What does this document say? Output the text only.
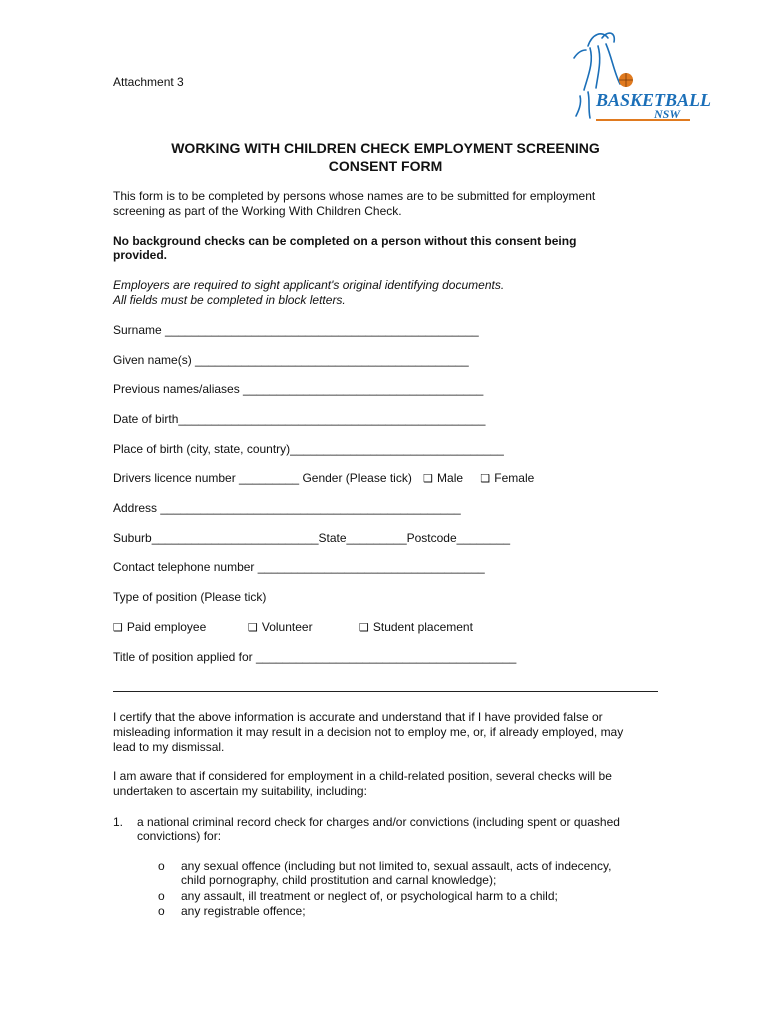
Attachment 3
BASKETBALL
NSW
WORKING WITH CHILDREN CHECK EMPLOYMENT SCREENING
CONSENT FORM
This form is to be completed by persons whose names are to be submitted for employment
screening as part of the Working With Children Check.
No background checks can be completed on a person without this consent being
provided.
Employers are required to sight applicant's original identifying documents.
All fields must be completed in block letters.
Surname _______________________________________________
Given name(s) _________________________________________
Previous names/aliases ____________________________________
Date of birth______________________________________________
Place of birth (city, state, country)________________________________
Drivers licence number _________ Gender (Please tick) ❑ Male ❑ Female
Address _____________________________________________
Suburb_________________________State_________Postcode________
Contact telephone number __________________________________
Type of position (Please tick)
❑ Paid employee	❑ Volunteer	❑ Student placement
Title of position applied for _______________________________________
I certify that the above information is accurate and understand that if I have provided false or
misleading information it may result in a decision not to employ me, or, if already employed, may
lead to my dismissal.
I am aware that if considered for employment in a child-related position, several checks will be
undertaken to ascertain my suitability, including:
1. a national criminal record check for charges and/or convictions (including spent or quashed
convictions) for:
o any sexual offence (including but not limited to, sexual assault, acts of indecency,
child pornography, child prostitution and carnal knowledge);
o any assault, ill treatment or neglect of, or psychological harm to a child;
o any registrable offence;
